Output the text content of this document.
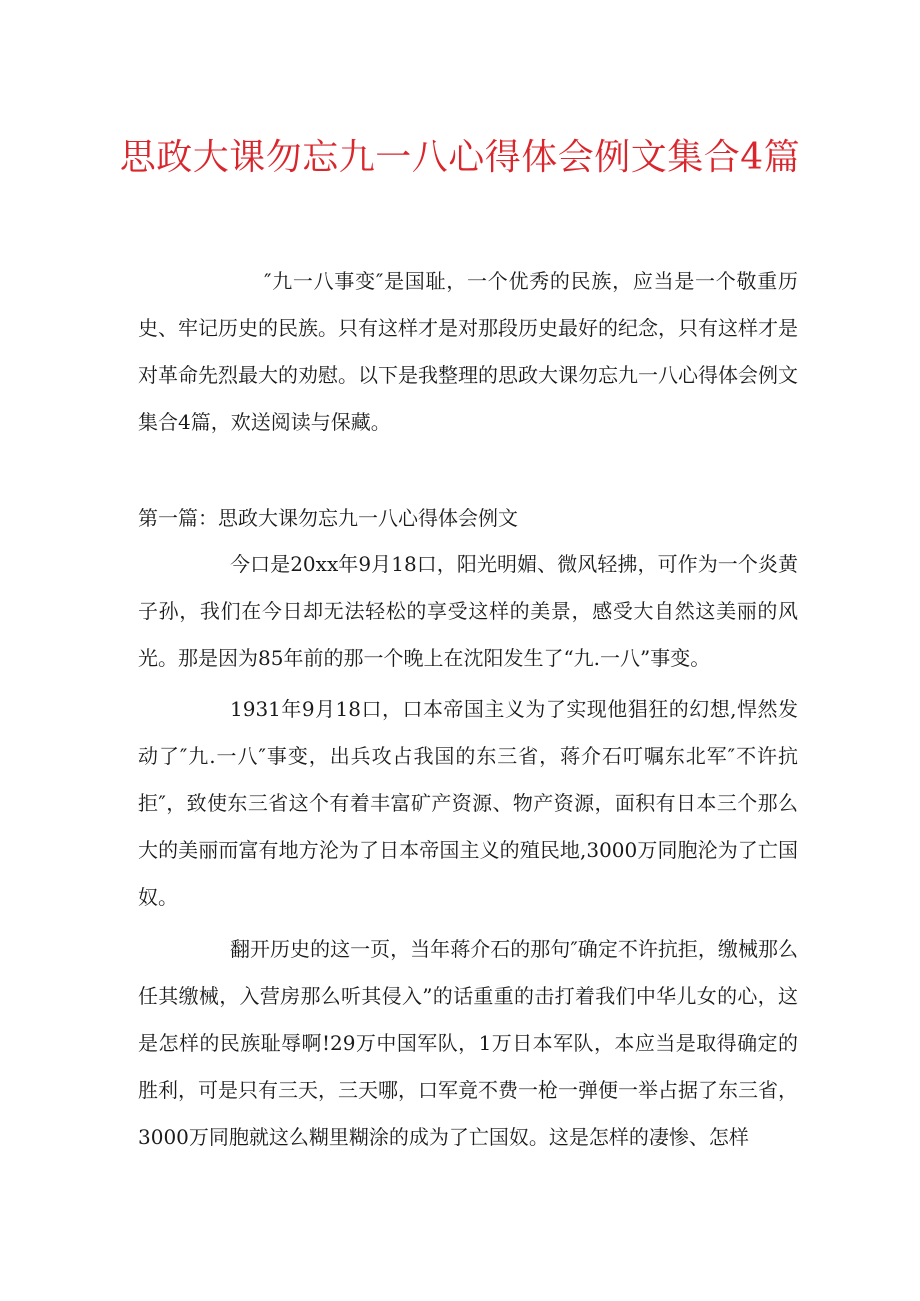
思政大课勿忘九一八心得体会例文集合4篇

″九一八事变″是国耻，一个优秀的民族，应当是一个敬重历史、牢记历史的民族。只有这样才是对那段历史最好的纪念，只有这样才是对革命先烈最大的劝慰。以下是我整理的思政大课勿忘九一八心得体会例文集合4篇，欢送阅读与保藏。

第一篇：思政大课勿忘九一八心得体会例文

今口是20xx年9月18口，阳光明媚、微风轻拂，可作为一个炎黄子孙，我们在今日却无法轻松的享受这样的美景，感受大自然这美丽的风光。那是因为85年前的那一个晚上在沈阳发生了“九.一八”事变。

1931年9月18口，口本帝国主义为了实现他猖狂的幻想,悍然发动了″九.一八″事变，出兵攻占我国的东三省，蒋介石叮嘱东北军″不许抗拒″，致使东三省这个有着丰富矿产资源、物产资源，面积有日本三个那么大的美丽而富有地方沦为了日本帝国主义的殖民地,3000万同胞沦为了亡国奴。

翻开历史的这一页，当年蒋介石的那句″确定不许抗拒，缴械那么任其缴械，入营房那么听其侵入”的话重重的击打着我们中华儿女的心，这是怎样的民族耻辱啊!29万中国军队，1万日本军队，本应当是取得确定的胜利，可是只有三天，三天哪，口军竟不费一枪一弹便一举占据了东三省，3000万同胞就这么糊里糊涂的成为了亡国奴。这是怎样的凄惨、怎样
